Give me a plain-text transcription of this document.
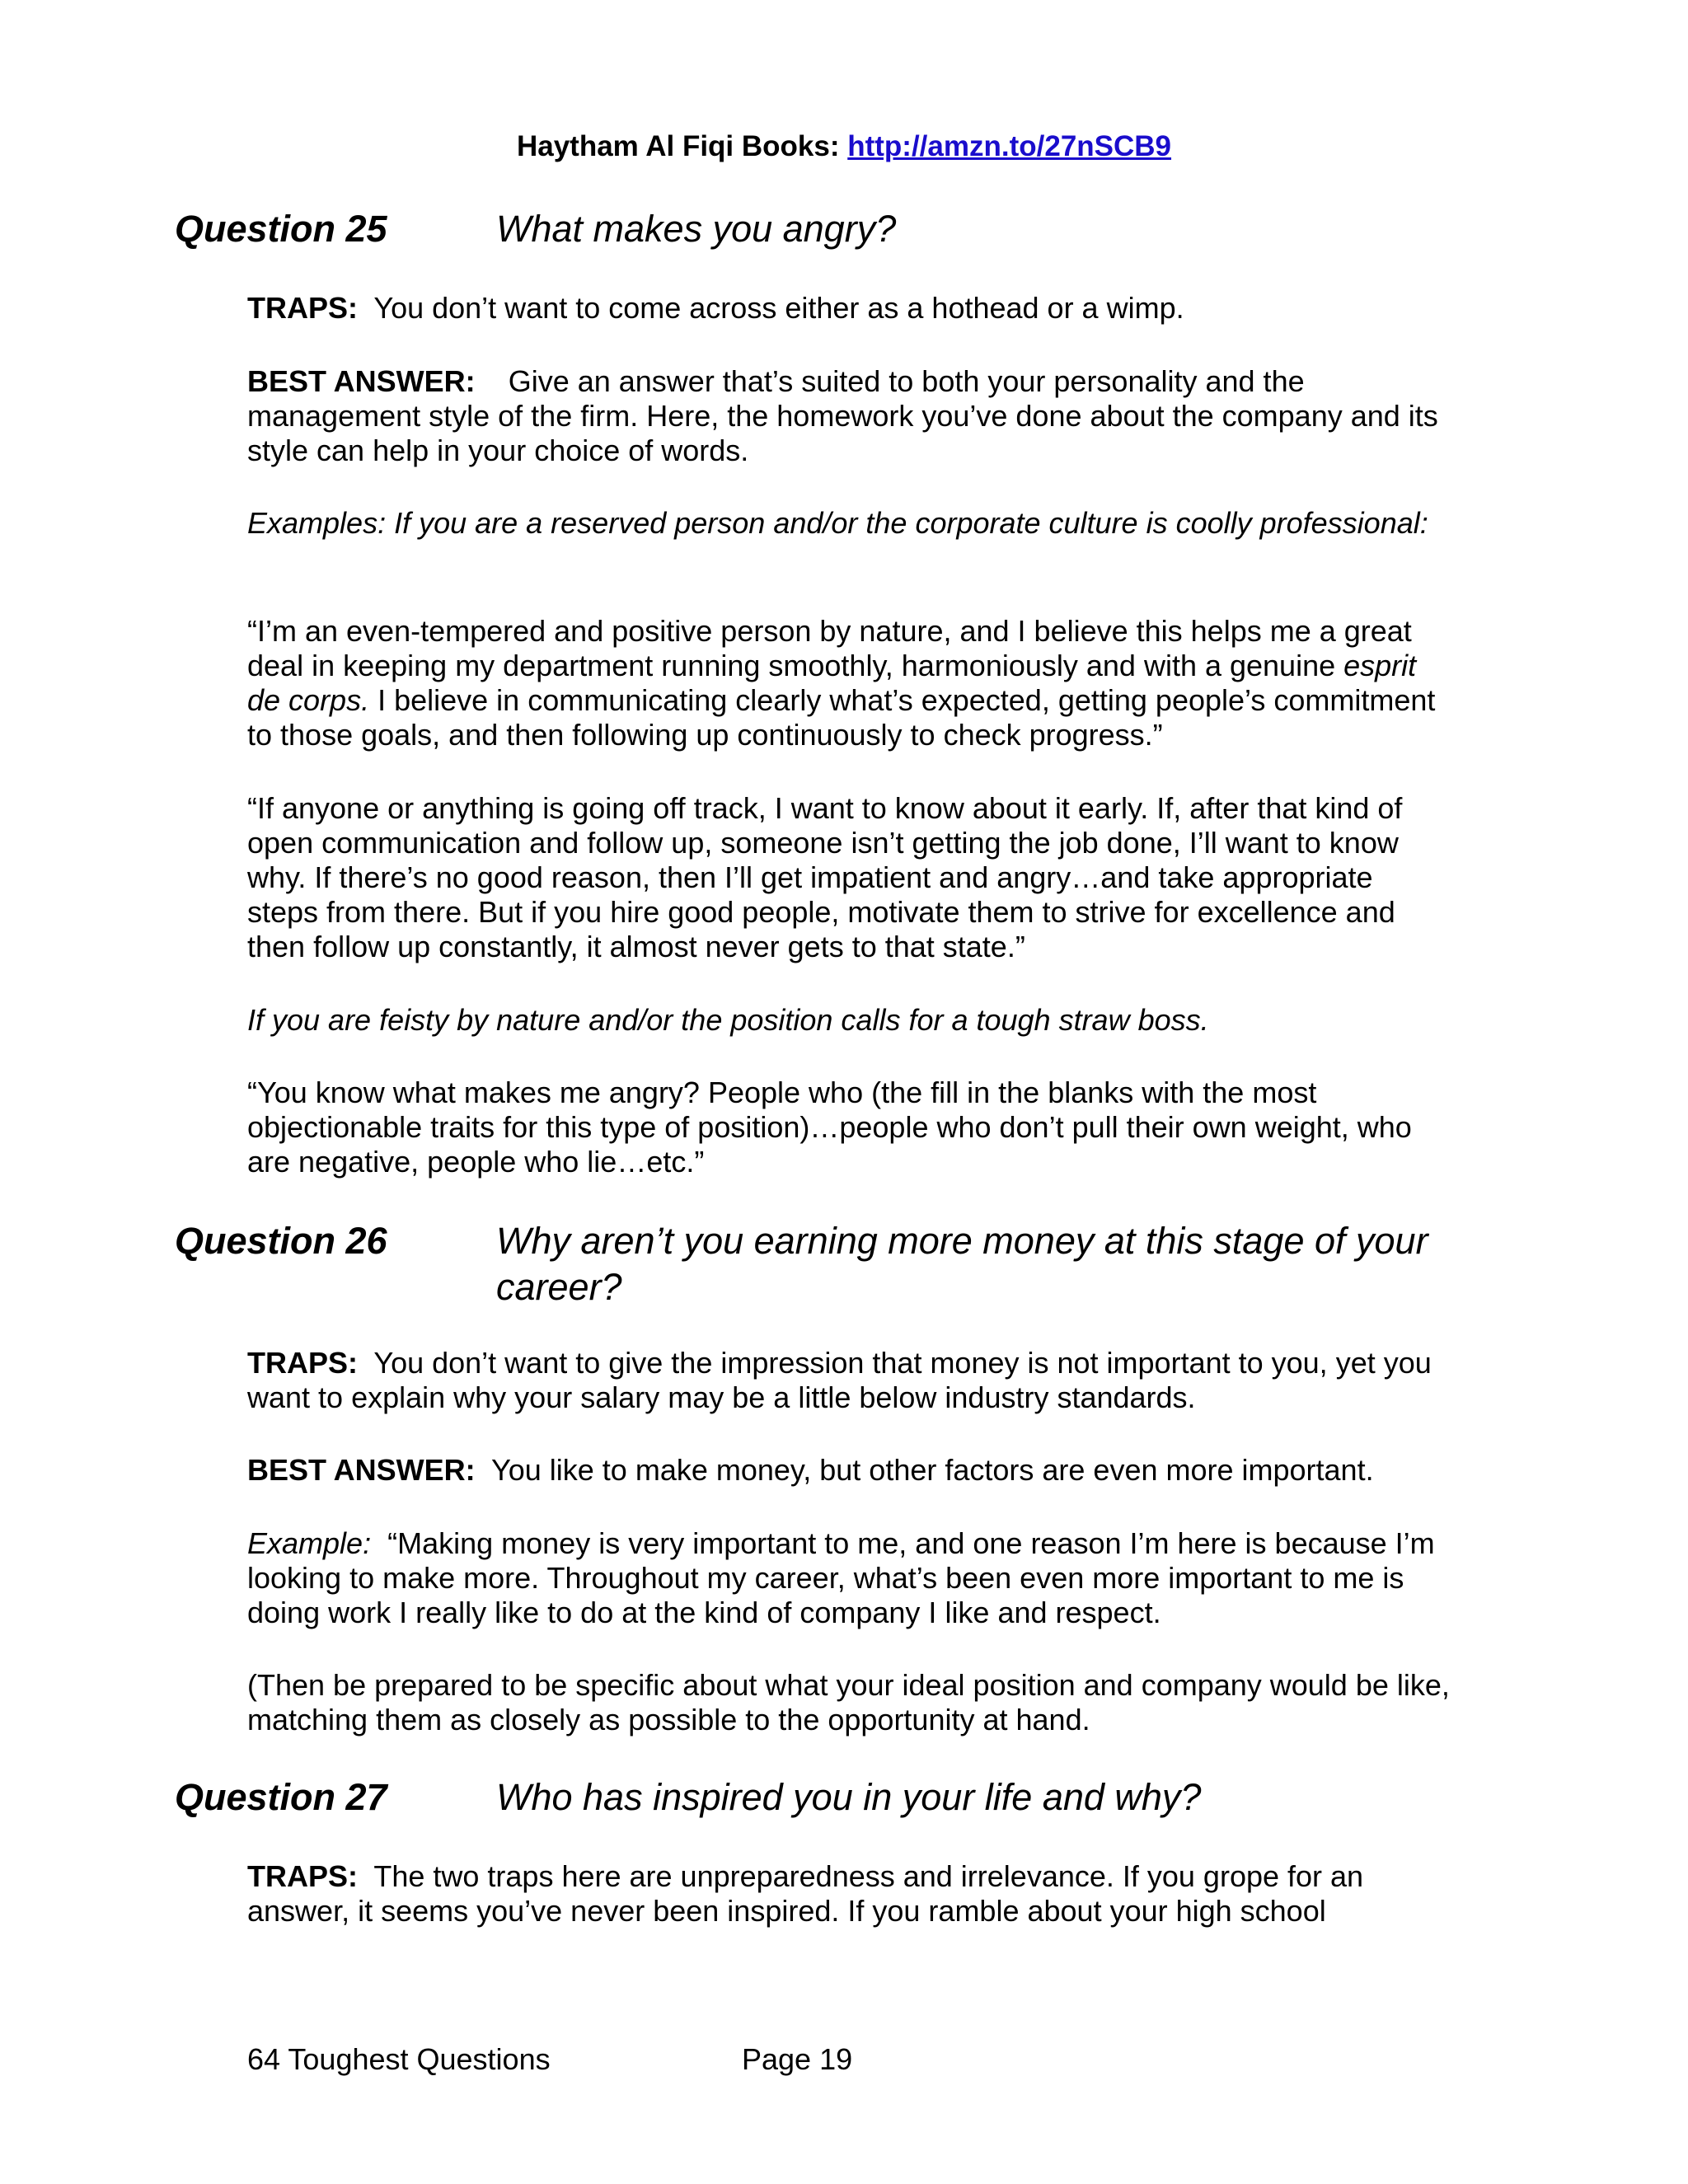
Haytham Al Fiqi Books: http://amzn.to/27nSCB9
Question 25	What makes you angry?

TRAPS: You don’t want to come across either as a hothead or a wimp.

BEST ANSWER: Give an answer that’s suited to both your personality and the management style of the firm. Here, the homework you’ve done about the company and its style can help in your choice of words.

Examples: If you are a reserved person and/or the corporate culture is coolly professional:

“I’m an even-tempered and positive person by nature, and I believe this helps me a great deal in keeping my department running smoothly, harmoniously and with a genuine esprit de corps. I believe in communicating clearly what’s expected, getting people’s commitment to those goals, and then following up continuously to check progress.”

“If anyone or anything is going off track, I want to know about it early. If, after that kind of open communication and follow up, someone isn’t getting the job done, I’ll want to know why. If there’s no good reason, then I’ll get impatient and angry…and take appropriate steps from there. But if you hire good people, motivate them to strive for excellence and then follow up constantly, it almost never gets to that state.”

If you are feisty by nature and/or the position calls for a tough straw boss.

“You know what makes me angry? People who (the fill in the blanks with the most objectionable traits for this type of position)…people who don’t pull their own weight, who are negative, people who lie…etc.”

Question 26	Why aren’t you earning more money at this stage of your career?

TRAPS: You don’t want to give the impression that money is not important to you, yet you want to explain why your salary may be a little below industry standards.

BEST ANSWER: You like to make money, but other factors are even more important.

Example: “Making money is very important to me, and one reason I’m here is because I’m looking to make more. Throughout my career, what’s been even more important to me is doing work I really like to do at the kind of company I like and respect.

(Then be prepared to be specific about what your ideal position and company would be like, matching them as closely as possible to the opportunity at hand.

Question 27	Who has inspired you in your life and why?

TRAPS: The two traps here are unpreparedness and irrelevance. If you grope for an answer, it seems you’ve never been inspired. If you ramble about your high school

64 Toughest Questions	Page 19
